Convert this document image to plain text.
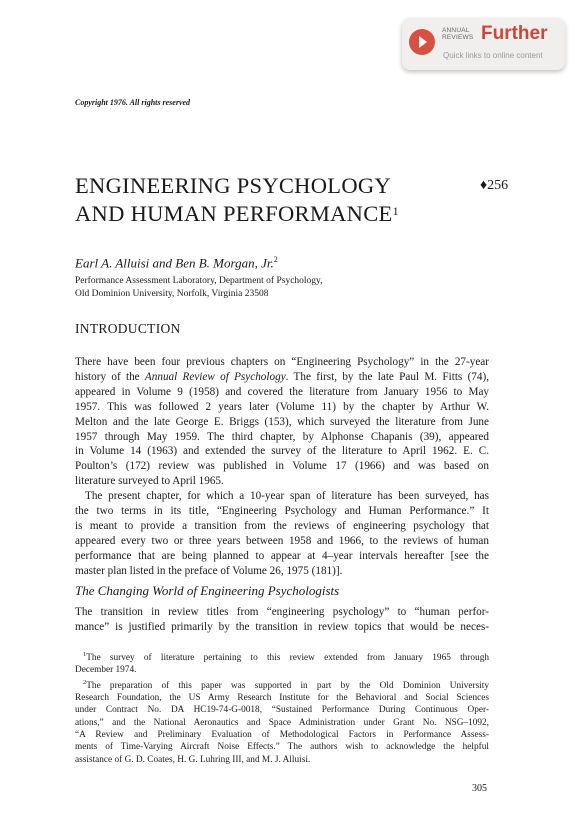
ANNUAL
REVIEWS Further
Quick links to online content
Copyright 1976. All rights reserved
ENGINEERING PSYCHOLOGY
AND HUMAN PERFORMANCE$^1$
♦256
Earl A. Alluisi and Ben B. Morgan, Jr.$^2$
Performance Assessment Laboratory, Department of Psychology,
Old Dominion University, Norfolk, Virginia 23508
INTRODUCTION
There have been four previous chapters on “Engineering Psychology” in the 27-year
history of the Annual Review of Psychology. The first, by the late Paul M. Fitts (74),
appeared in Volume 9 (1958) and covered the literature from January 1956 to May
1957. This was followed 2 years later (Volume 11) by the chapter by Arthur W.
Melton and the late George E. Briggs (153), which surveyed the literature from June
1957 through May 1959. The third chapter, by Alphonse Chapanis (39), appeared
in Volume 14 (1963) and extended the survey of the literature to April 1962. E. C.
Poulton’s (172) review was published in Volume 17 (1966) and was based on
literature surveyed to April 1965.
The present chapter, for which a 10-year span of literature has been surveyed, has
the two terms in its title, “Engineering Psychology and Human Performance.” It
is meant to provide a transition from the reviews of engineering psychology that
appeared every two or three years between 1958 and 1966, to the reviews of human
performance that are being planned to appear at 4–year intervals hereafter [see the
master plan listed in the preface of Volume 26, 1975 (181)].
The Changing World of Engineering Psychologists
The transition in review titles from “engineering psychology” to “human perfor-
mance” is justified primarily by the transition in review topics that would be neces-
$^1$The survey of literature pertaining to this review extended from January 1965 through
December 1974.
$^2$The preparation of this paper was supported in part by the Old Dominion University
Research Foundation, the US Army Research Institute for the Behavioral and Social Sciences
under Contract No. DA HC19-74-G-0018, “Sustained Performance During Continuous Oper-
ations,” and the National Aeronautics and Space Administration under Grant No. NSG–1092,
“A Review and Preliminary Evaluation of Methodological Factors in Performance Assess-
ments of Time-Varying Aircraft Noise Effects.” The authors wish to acknowledge the helpful
assistance of G. D. Coates, H. G. Luhring III, and M. J. Alluisi.
305
